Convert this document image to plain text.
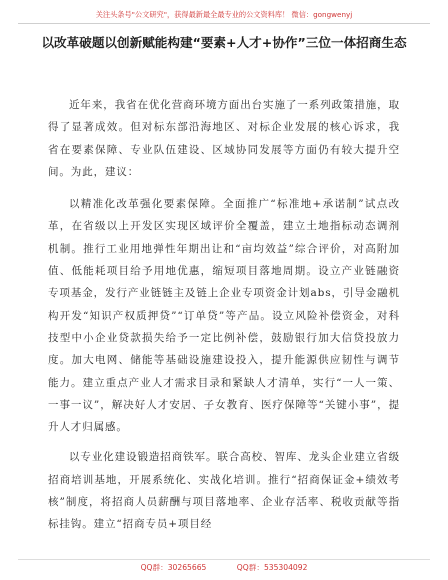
关注头条号"公文研究"，获得最新最全最专业的公文资料库！ 微信：gongwenyj
以改革破题以创新赋能构建“要素+人才+协作”三位一体招商生态

近年来，我省在优化营商环境方面出台实施了一系列政策措施，取得了显著成效。但对标东部沿海地区、对标企业发展的核心诉求，我省在要素保障、专业队伍建设、区域协同发展等方面仍有较大提升空间。为此，建议：

以精准化改革强化要素保障。全面推广“标准地+承诺制”试点改革，在省级以上开发区实现区域评价全覆盖，建立土地指标动态调剂机制。推行工业用地弹性年期出让和“亩均效益”综合评价，对高附加值、低能耗项目给予用地优惠，缩短项目落地周期。设立产业链融资专项基金，发行产业链链主及链上企业专项资金计划abs，引导金融机构开发“知识产权质押贷”“订单贷”等产品。设立风险补偿资金，对科技型中小企业贷款损失给予一定比例补偿，鼓励银行加大信贷投放力度。加大电网、储能等基础设施建设投入，提升能源供应韧性与调节能力。建立重点产业人才需求目录和紧缺人才清单，实行“一人一策、一事一议”，解决好人才安居、子女教育、医疗保障等“关键小事”，提升人才归属感。

以专业化建设锻造招商铁军。联合高校、智库、龙头企业建立省级招商培训基地，开展系统化、实战化培训。推行“招商保证金+绩效考核”制度，将招商人员薪酬与项目落地率、企业存活率、税收贡献等指标挂钩。建立“招商专员+项目经

QQ群：30265665	QQ群：535304092
